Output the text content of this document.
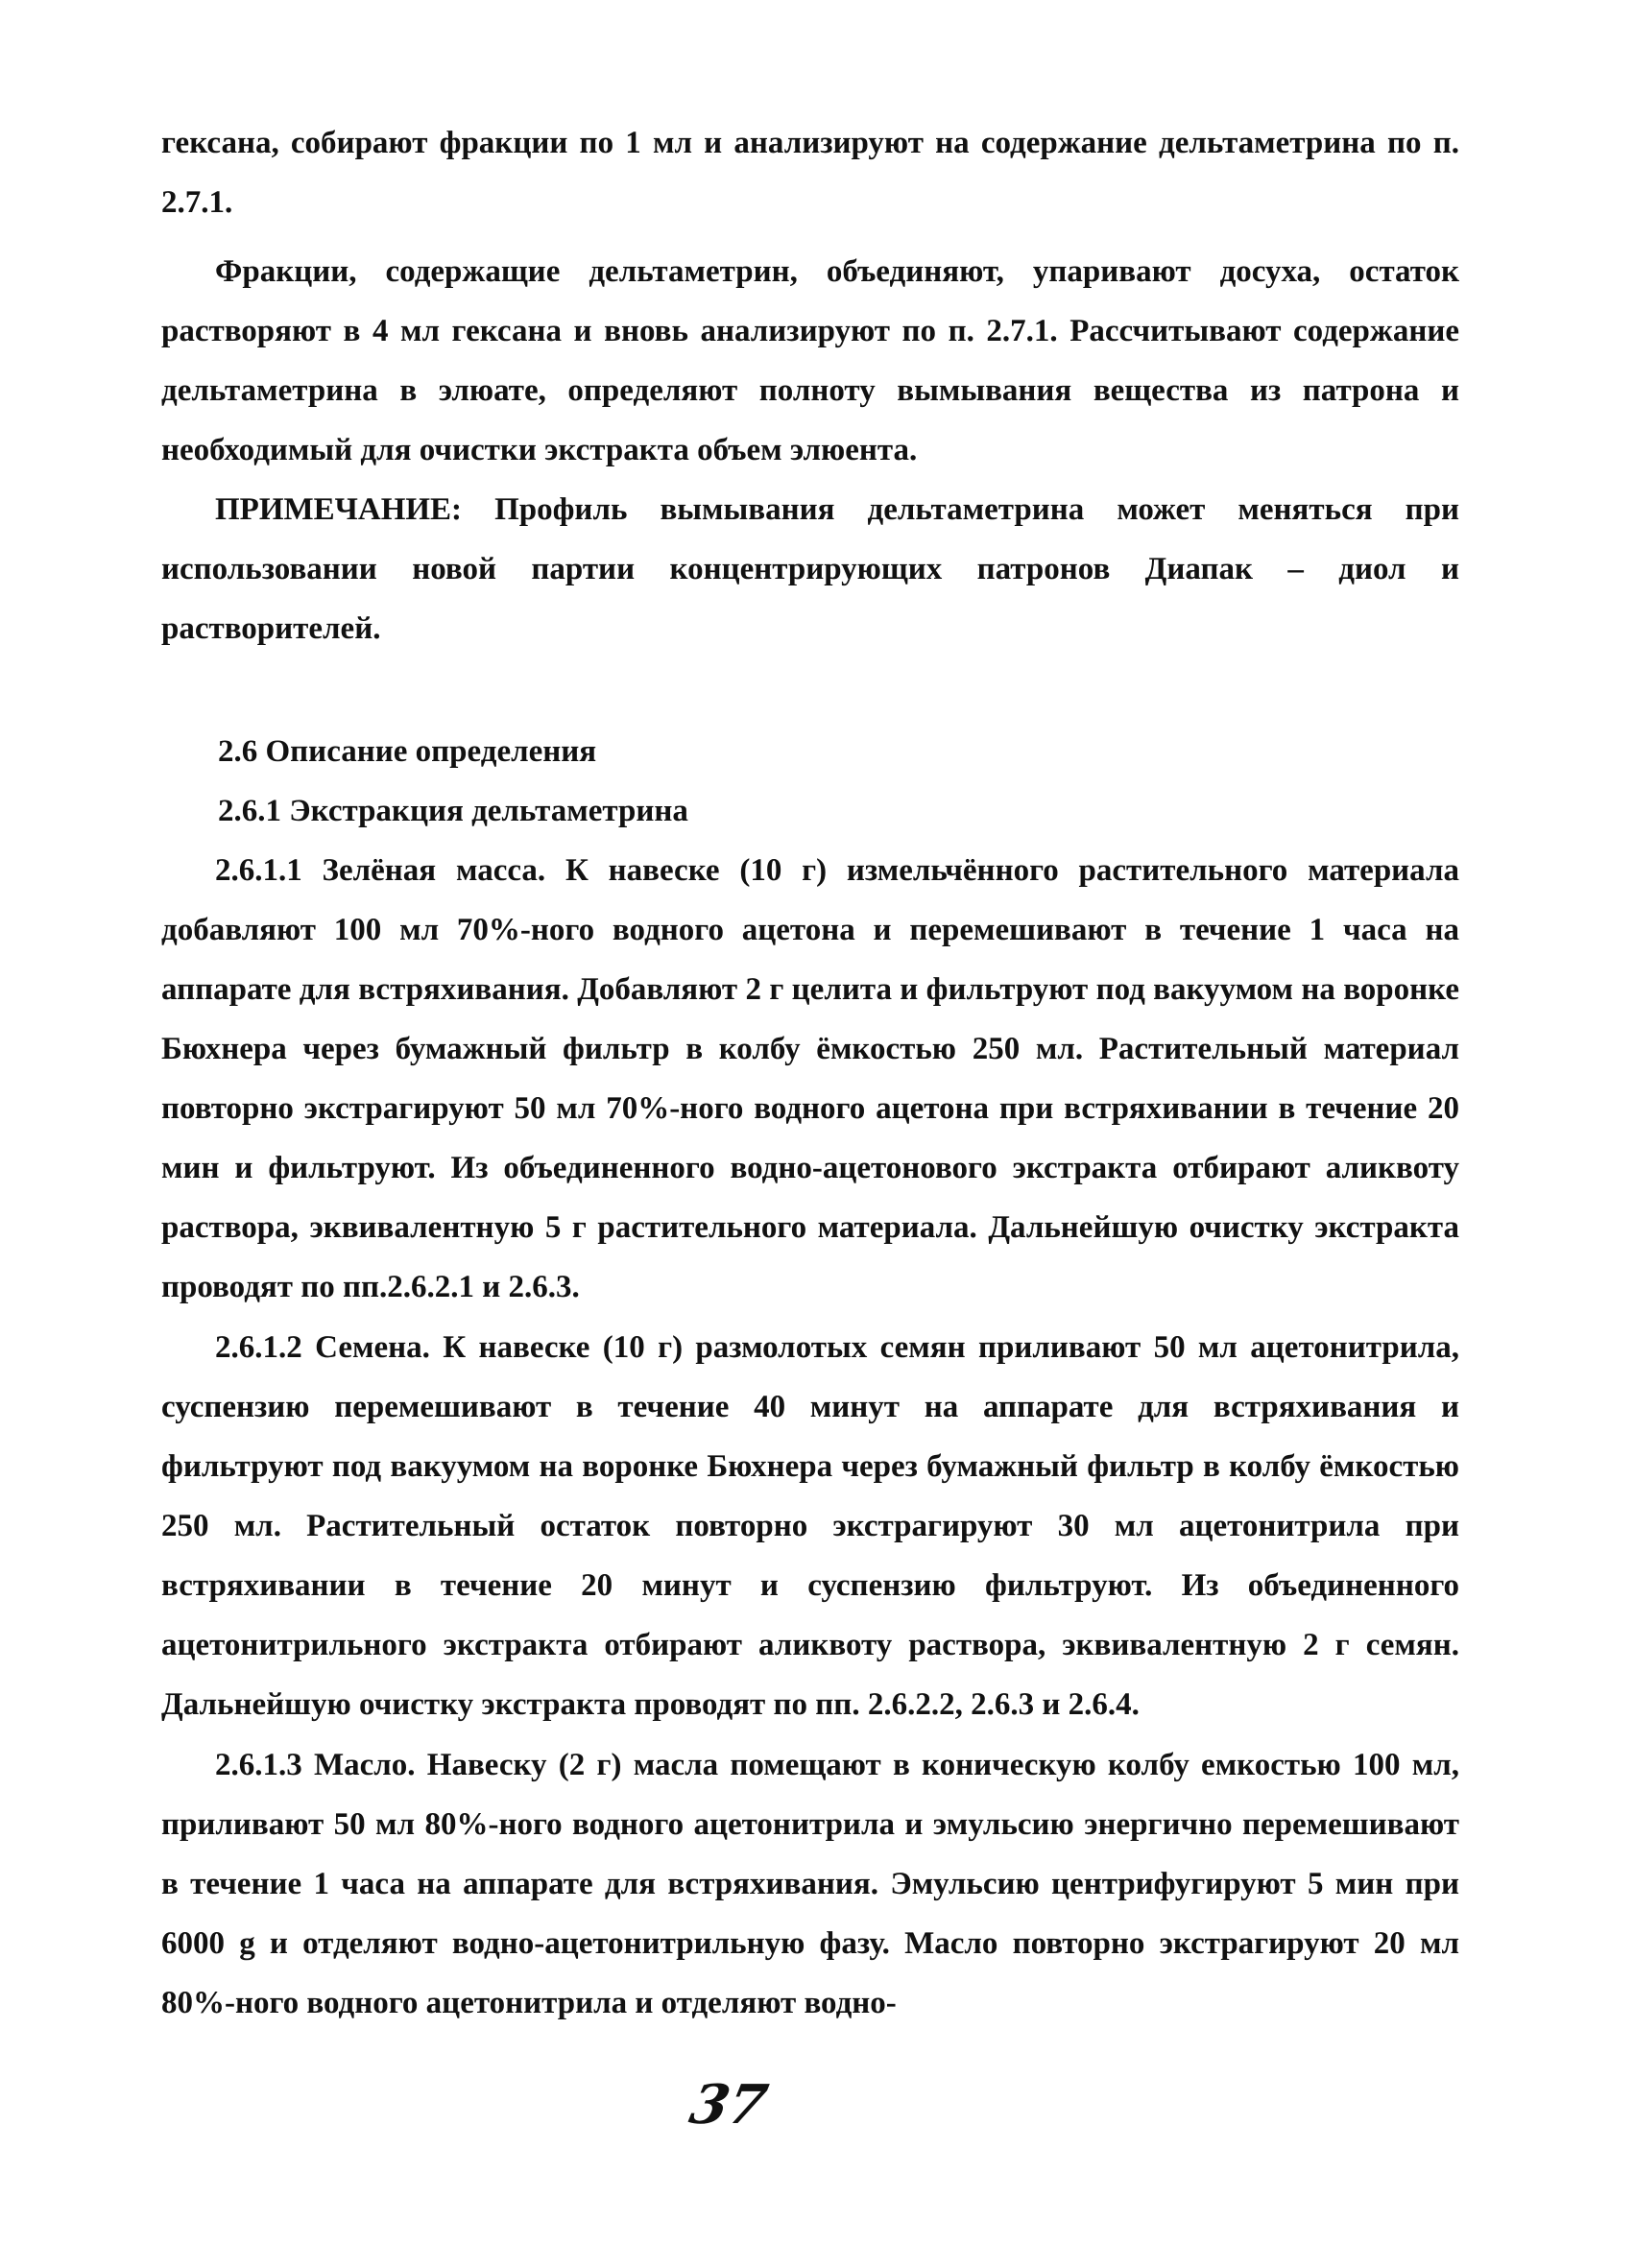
гексана, собирают фракции по 1 мл и анализируют на содержание дельтаметрина по п. 2.7.1.
Фракции, содержащие дельтаметрин, объединяют, упаривают досуха, остаток растворяют в 4 мл гексана и вновь анализируют по п. 2.7.1. Рассчитывают содержание дельтаметрина в элюате, определяют полноту вымывания вещества из патрона и необходимый для очистки экстракта объем элюента.
ПРИМЕЧАНИЕ: Профиль вымывания дельтаметрина может меняться при использовании новой партии концентрирующих патронов Диапак – диол и растворителей.
2.6 Описание определения
2.6.1 Экстракция дельтаметрина
2.6.1.1 Зелёная масса. К навеске (10 г) измельчённого растительного материала добавляют 100 мл 70%-ного водного ацетона и перемешивают в течение 1 часа на аппарате для встряхивания. Добавляют 2 г целита и фильтруют под вакуумом на воронке Бюхнера через бумажный фильтр в колбу ёмкостью 250 мл. Растительный материал повторно экстрагируют 50 мл 70%-ного водного ацетона при встряхивании в течение 20 мин и фильтруют. Из объединенного водно-ацетонового экстракта отбирают аликвоту раствора, эквивалентную 5 г растительного материала. Дальнейшую очистку экстракта проводят по пп.2.6.2.1 и 2.6.3.
2.6.1.2 Семена. К навеске (10 г) размолотых семян приливают 50 мл ацетонитрила, суспензию перемешивают в течение 40 минут на аппарате для встряхивания и фильтруют под вакуумом на воронке Бюхнера через бумажный фильтр в колбу ёмкостью 250 мл. Растительный остаток повторно экстрагируют 30 мл ацетонитрила при встряхивании в течение 20 минут и суспензию фильтруют. Из объединенного ацетонитрильного экстракта отбирают аликвоту раствора, эквивалентную 2 г семян. Дальнейшую очистку экстракта проводят по пп. 2.6.2.2, 2.6.3 и 2.6.4.
2.6.1.3 Масло. Навеску (2 г) масла помещают в коническую колбу емкостью 100 мл, приливают 50 мл 80%-ного водного ацетонитрила и эмульсию энергично перемешивают в течение 1 часа на аппарате для встряхивания. Эмульсию центрифугируют 5 мин при 6000 g и отделяют водно-ацетонитрильную фазу. Масло повторно экстрагируют 20 мл 80%-ного водного ацетонитрила и отделяют водно-
37
